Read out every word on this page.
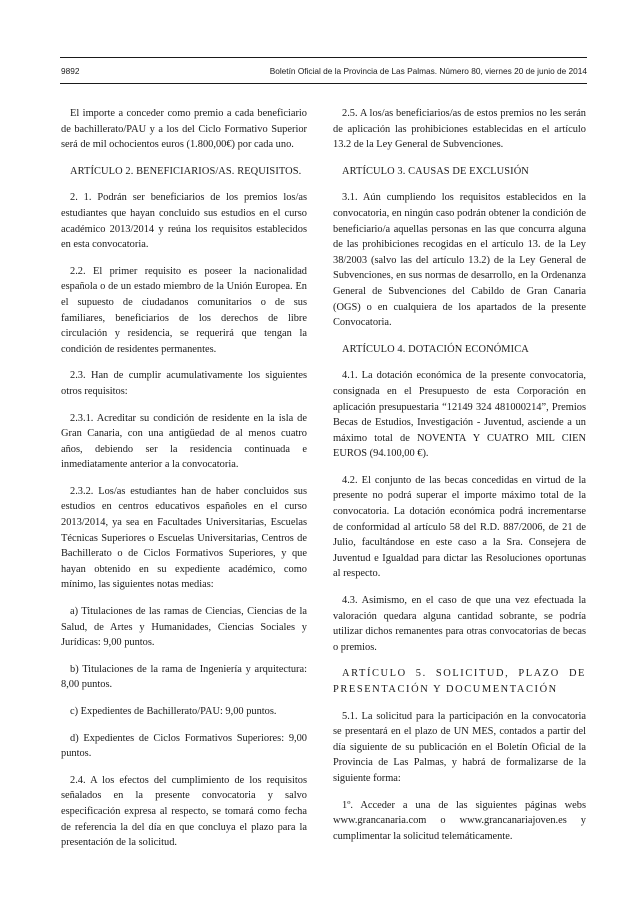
9892	Boletín Oficial de la Provincia de Las Palmas. Número 80, viernes 20 de junio de 2014

El importe a conceder como premio a cada beneficiario de bachillerato/PAU y a los del Ciclo Formativo Superior será de mil ochocientos euros (1.800,00€) por cada uno.

ARTÍCULO 2. BENEFICIARIOS/AS. REQUISITOS.

2. 1. Podrán ser beneficiarios de los premios los/as estudiantes que hayan concluido sus estudios en el curso académico 2013/2014 y reúna los requisitos establecidos en esta convocatoria.

2.2. El primer requisito es poseer la nacionalidad española o de un estado miembro de la Unión Europea. En el supuesto de ciudadanos comunitarios o de sus familiares, beneficiarios de los derechos de libre circulación y residencia, se requerirá que tengan la condición de residentes permanentes.

2.3. Han de cumplir acumulativamente los siguientes otros requisitos:

2.3.1. Acreditar su condición de residente en la isla de Gran Canaria, con una antigüedad de al menos cuatro años, debiendo ser la residencia continuada e inmediatamente anterior a la convocatoria.

2.3.2. Los/as estudiantes han de haber concluidos sus estudios en centros educativos españoles en el curso 2013/2014, ya sea en Facultades Universitarias, Escuelas Técnicas Superiores o Escuelas Universitarias, Centros de Bachillerato o de Ciclos Formativos Superiores, y que hayan obtenido en su expediente académico, como mínimo, las siguientes notas medias:

a) Titulaciones de las ramas de Ciencias, Ciencias de la Salud, de Artes y Humanidades, Ciencias Sociales y Jurídicas: 9,00 puntos.

b) Titulaciones de la rama de Ingeniería y arquitectura: 8,00 puntos.

c) Expedientes de Bachillerato/PAU: 9,00 puntos.

d) Expedientes de Ciclos Formativos Superiores: 9,00 puntos.

2.4. A los efectos del cumplimiento de los requisitos señalados en la presente convocatoria y salvo especificación expresa al respecto, se tomará como fecha de referencia la del día en que concluya el plazo para la presentación de la solicitud.

2.5. A los/as beneficiarios/as de estos premios no les serán de aplicación las prohibiciones establecidas en el artículo 13.2 de la Ley General de Subvenciones.

ARTÍCULO 3. CAUSAS DE EXCLUSIÓN

3.1. Aún cumpliendo los requisitos establecidos en la convocatoria, en ningún caso podrán obtener la condición de beneficiario/a aquellas personas en las que concurra alguna de las prohibiciones recogidas en el artículo 13. de la Ley 38/2003 (salvo las del artículo 13.2) de la Ley General de Subvenciones, en sus normas de desarrollo, en la Ordenanza General de Subvenciones del Cabildo de Gran Canaria (OGS) o en cualquiera de los apartados de la presente Convocatoria.

ARTÍCULO 4. DOTACIÓN ECONÓMICA

4.1. La dotación económica de la presente convocatoria, consignada en el Presupuesto de esta Corporación en aplicación presupuestaria “12149 324 481000214”, Premios Becas de Estudios, Investigación - Juventud, asciende a un máximo total de NOVENTA Y CUATRO MIL CIEN EUROS (94.100,00 €).

4.2. El conjunto de las becas concedidas en virtud de la presente no podrá superar el importe máximo total de la convocatoria. La dotación económica podrá incrementarse de conformidad al artículo 58 del R.D. 887/2006, de 21 de Julio, facultándose en este caso a la Sra. Consejera de Juventud e Igualdad para dictar las Resoluciones oportunas al respecto.

4.3. Asimismo, en el caso de que una vez efectuada la valoración quedara alguna cantidad sobrante, se podría utilizar dichos remanentes para otras convocatorias de becas o premios.

ARTÍCULO 5. SOLICITUD, PLAZO DE PRESENTACIÓN Y DOCUMENTACIÓN

5.1. La solicitud para la participación en la convocatoria se presentará en el plazo de UN MES, contados a partir del día siguiente de su publicación en el Boletín Oficial de la Provincia de Las Palmas, y habrá de formalizarse de la siguiente forma:

1º. Acceder a una de las siguientes páginas webs www.grancanaria.com o www.grancanariajoven.es y cumplimentar la solicitud telemáticamente.
